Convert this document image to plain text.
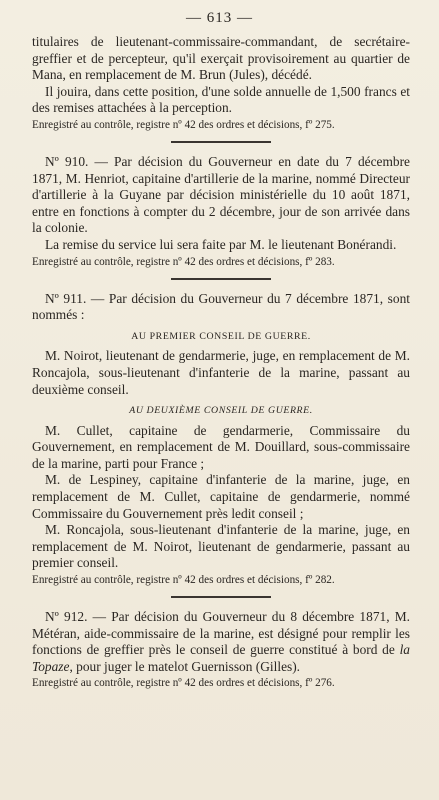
— 613 —

titulaires de lieutenant-commissaire-commandant, de secrétaire-greffier et de percepteur, qu'il exerçait provisoirement au quartier de Mana, en remplacement de M. Brun (Jules), décédé.

Il jouira, dans cette position, d'une solde annuelle de 1,500 francs et des remises attachées à la perception.

Enregistré au contrôle, registre nº 42 des ordres et décisions, fº 275.

Nº 910. — Par décision du Gouverneur en date du 7 décembre 1871, M. Henriot, capitaine d'artillerie de la marine, nommé Directeur d'artillerie à la Guyane par décision ministérielle du 10 août 1871, entre en fonctions à compter du 2 décembre, jour de son arrivée dans la colonie.

La remise du service lui sera faite par M. le lieutenant Bonérandi.

Enregistré au contrôle, registre nº 42 des ordres et décisions, fº 283.

Nº 911. — Par décision du Gouverneur du 7 décembre 1871, sont nommés :

AU PREMIER CONSEIL DE GUERRE.

M. Noirot, lieutenant de gendarmerie, juge, en remplacement de M. Roncajola, sous-lieutenant d'infanterie de la marine, passant au deuxième conseil.

AU DEUXIÈME CONSEIL DE GUERRE.

M. Cullet, capitaine de gendarmerie, Commissaire du Gouvernement, en remplacement de M. Douillard, sous-commissaire de la marine, parti pour France ;

M. de Lespiney, capitaine d'infanterie de la marine, juge, en remplacement de M. Cullet, capitaine de gendarmerie, nommé Commissaire du Gouvernement près ledit conseil ;

M. Roncajola, sous-lieutenant d'infanterie de la marine, juge, en remplacement de M. Noirot, lieutenant de gendarmerie, passant au premier conseil.

Enregistré au contrôle, registre nº 42 des ordres et décisions, fº 282.

Nº 912. — Par décision du Gouverneur du 8 décembre 1871, M. Météran, aide-commissaire de la marine, est désigné pour remplir les fonctions de greffier près le conseil de guerre constitué à bord de la Topaze, pour juger le matelot Guernisson (Gilles).

Enregistré au contrôle, registre nº 42 des ordres et décisions, fº 276.
